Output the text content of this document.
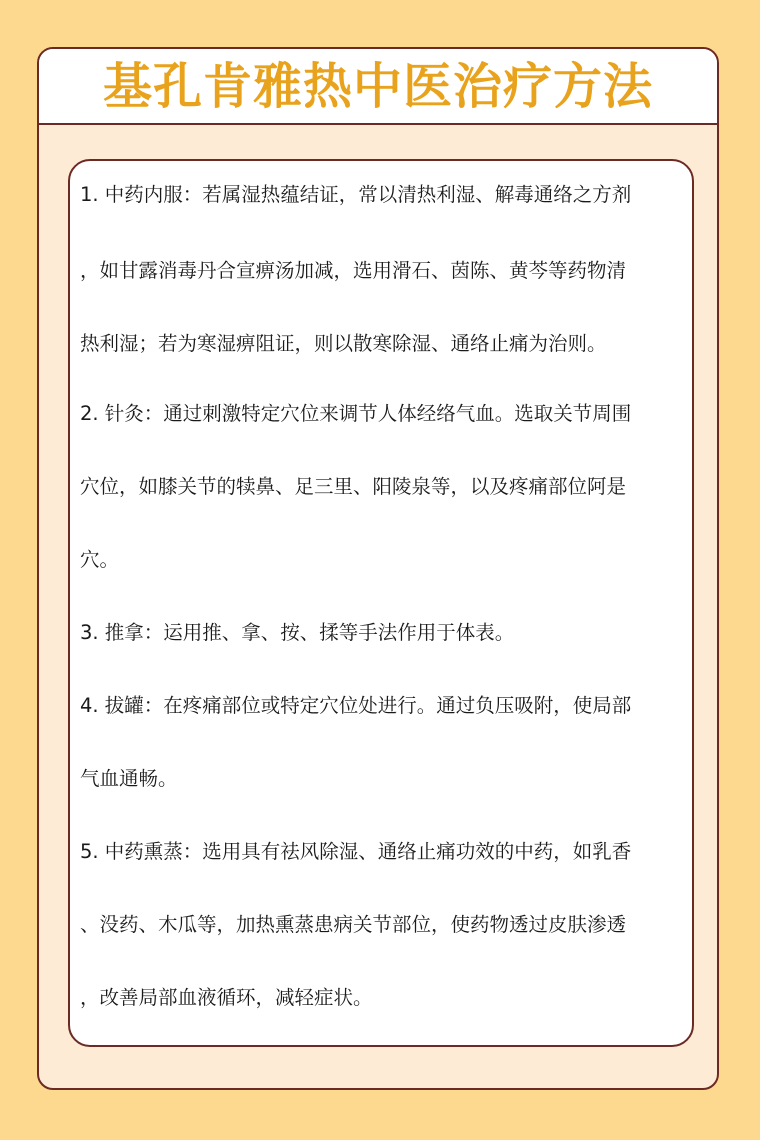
基孔肯雅热中医治疗方法
1. 中药内服：若属湿热蕴结证，常以清热利湿、解毒通络之方剂
，如甘露消毒丹合宣痹汤加减，选用滑石、茵陈、黄芩等药物清
热利湿；若为寒湿痹阻证，则以散寒除湿、通络止痛为治则。
2. 针灸：通过刺激特定穴位来调节人体经络气血。选取关节周围
穴位，如膝关节的犊鼻、足三里、阳陵泉等，以及疼痛部位阿是
穴。
3. 推拿：运用推、拿、按、揉等手法作用于体表。
4. 拔罐：在疼痛部位或特定穴位处进行。通过负压吸附，使局部
气血通畅。
5. 中药熏蒸：选用具有祛风除湿、通络止痛功效的中药，如乳香
、没药、木瓜等，加热熏蒸患病关节部位，使药物透过皮肤渗透
，改善局部血液循环，减轻症状。
